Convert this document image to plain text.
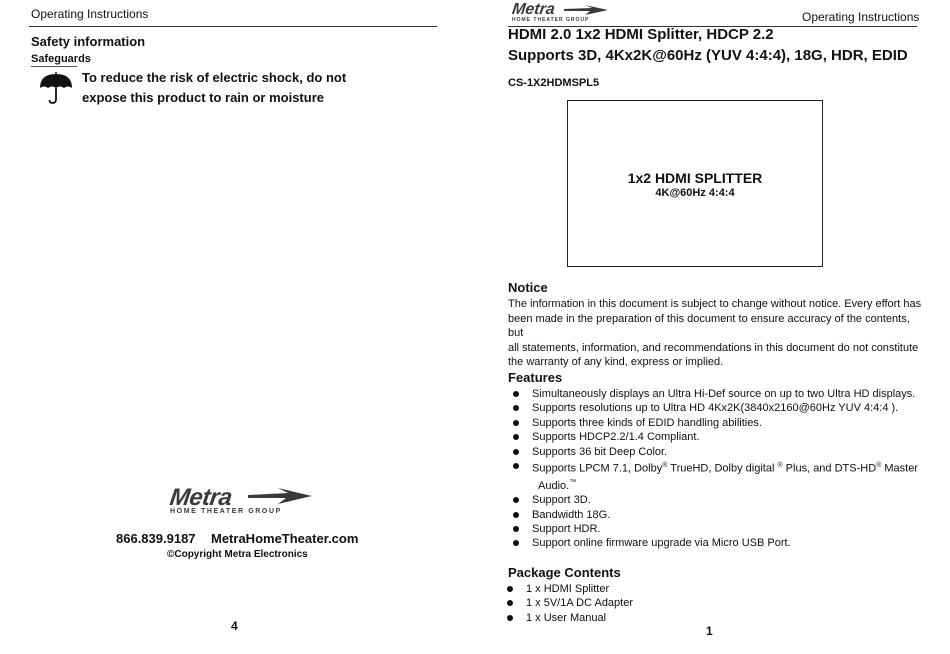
Operating Instructions
Safety information
Safeguards
To reduce the risk of electric shock, do not
expose this product to rain or moisture
Metra
HOME THEATER GROUP
866.839.9187 MetraHomeTheater.com
©Copyright Metra Electronics
4
Metra
HOME THEATER GROUP	Operating Instructions
HDMI 2.0 1x2 HDMI Splitter, HDCP 2.2
Supports 3D, 4Kx2K@60Hz (YUV 4:4:4), 18G, HDR, EDID
CS-1X2HDMSPL5
1x2 HDMI SPLITTER
4K@60Hz 4:4:4
Notice
The information in this document is subject to change without notice. Every effort has
been made in the preparation of this document to ensure accuracy of the contents, but
all statements, information, and recommendations in this document do not constitute
the warranty of any kind, express or implied.
Features
Simultaneously displays an Ultra Hi-Def source on up to two Ultra HD displays.
Supports resolutions up to Ultra HD 4Kx2K(3840x2160@60Hz YUV 4:4:4 ).
Supports three kinds of EDID handling abilities.
Supports HDCP2.2/1.4 Compliant.
Supports 36 bit Deep Color.
Supports LPCM 7.1, Dolby® TrueHD, Dolby digital ® Plus, and DTS-HD® Master
Audio.™
Support 3D.
Bandwidth 18G.
Support HDR.
Support online firmware upgrade via Micro USB Port.
Package Contents
1 x HDMI Splitter
1 x 5V/1A DC Adapter
1 x User Manual
1
